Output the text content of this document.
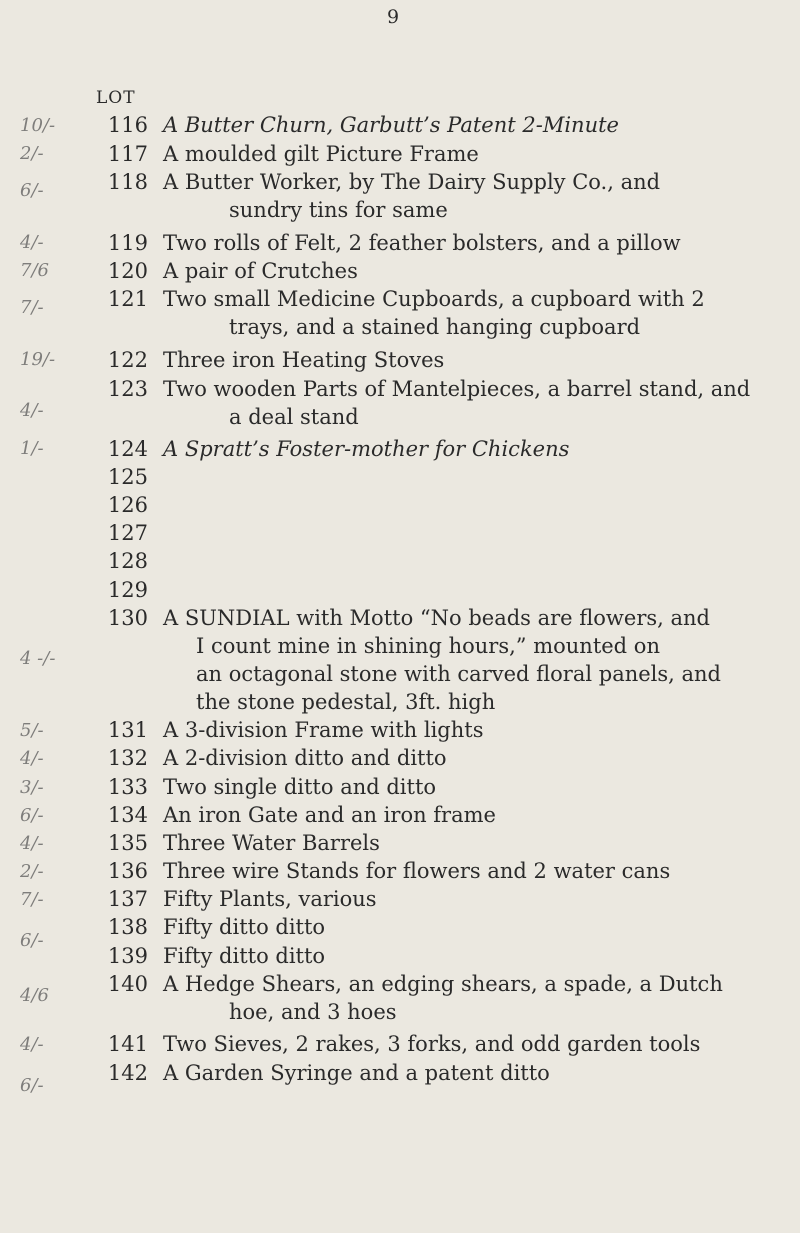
9
LOT
116 A Butter Churn, Garbutt’s Patent 2-Minute
117 A moulded gilt Picture Frame
118 A Butter Worker, by The Dairy Supply Co., and
sundry tins for same
119 Two rolls of Felt, 2 feather bolsters, and a pillow
120 A pair of Crutches
121 Two small Medicine Cupboards, a cupboard with 2
trays, and a stained hanging cupboard
122 Three iron Heating Stoves
123 Two wooden Parts of Mantelpieces, a barrel stand, and
a deal stand
124 A Spratt’s Foster-mother for Chickens
125
126
127
128
129
130 A SUNDIAL with Motto “No beads are flowers, and
I count mine in shining hours,” mounted on
an octagonal stone with carved floral panels, and
the stone pedestal, 3ft. high
131 A 3-division Frame with lights
132 A 2-division ditto and ditto
133 Two single ditto and ditto
134 An iron Gate and an iron frame
135 Three Water Barrels
136 Three wire Stands for flowers and 2 water cans
137 Fifty Plants, various
138 Fifty ditto ditto
139 Fifty ditto ditto
140 A Hedge Shears, an edging shears, a spade, a Dutch
hoe, and 3 hoes
141 Two Sieves, 2 rakes, 3 forks, and odd garden tools
142 A Garden Syringe and a patent ditto
10/-
2/-
6/-
4/-
7/6
7/-
19/-
4/-
1/-
4 -/-
5/-
4/-
3/-
6/-
4/-
2/-
7/-
6/-
4/6
4/-
6/-
